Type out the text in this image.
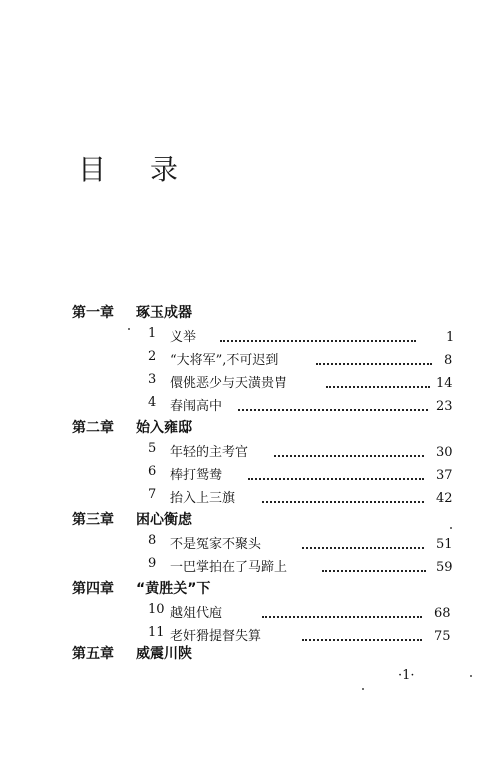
目 录
第一章 琢玉成器
1 义举	1
2 “大将军”,不可迟到	8
3 儇佻恶少与天潢贵胄	14
4 春闱高中	23
第二章 始入雍邸
5 年轻的主考官	30
6 棒打鸳鸯	37
7 抬入上三旗	42
第三章 困心衡虑
8 不是冤家不聚头	51
9 一巴掌拍在了马蹄上	59
第四章 “黄胜关”下
10 越俎代庖	68
11 老奸猾提督失算	75
第五章 威震川陕
·1·
